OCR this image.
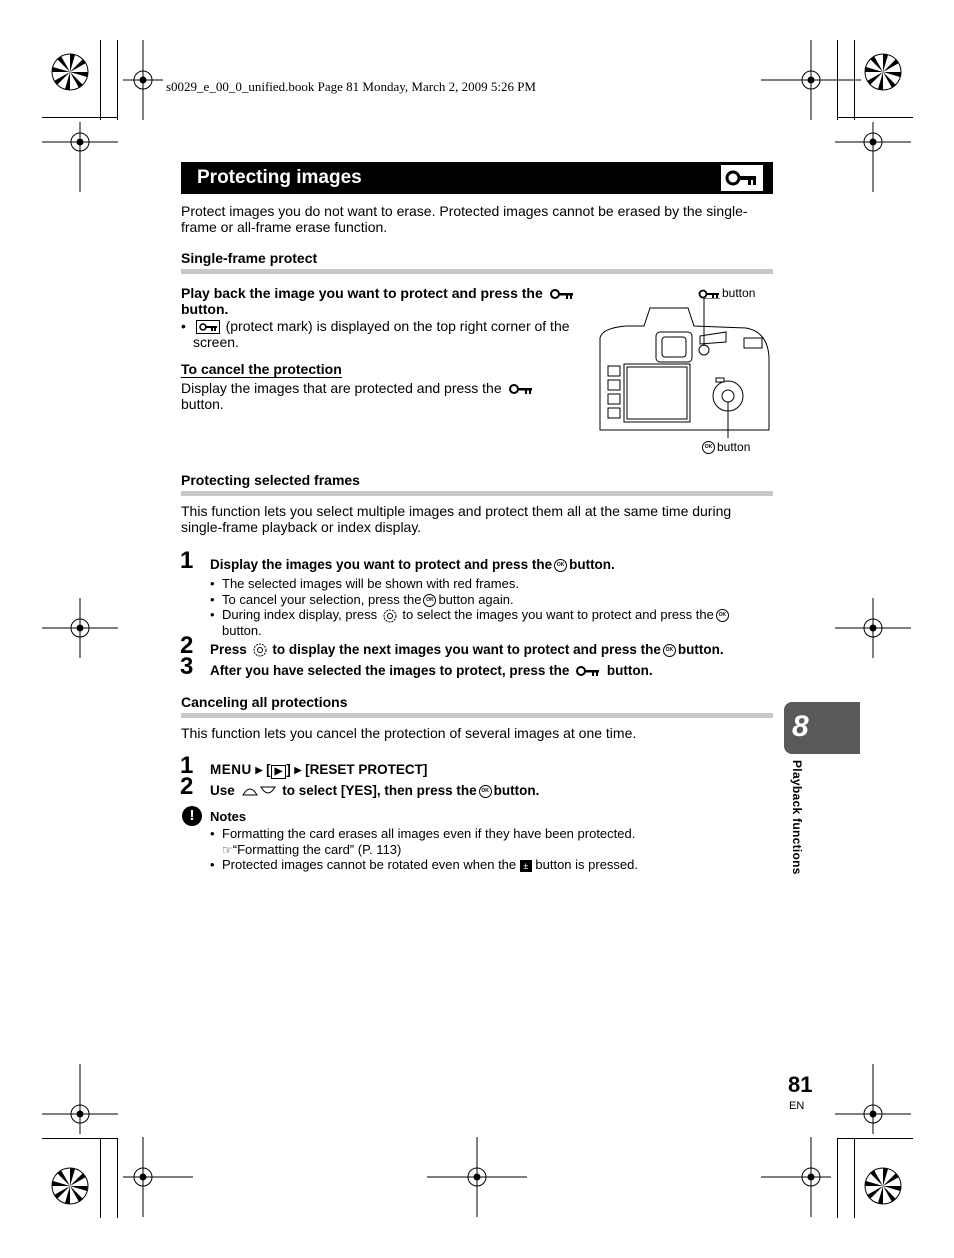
s0029_e_00_0_unified.book Page 81 Monday, March 2, 2009 5:26 PM
Protecting images
Protect images you do not want to erase. Protected images cannot be erased by the single-
frame or all-frame erase function.
Single-frame protect
Play back the image you want to protect and press the
button.
•   (protect mark) is displayed on the top right corner of the
screen.
To cancel the protection
Display the images that are protected and press the
button.
button
OK button
Protecting selected frames
This function lets you select multiple images and protect them all at the same time during
single-frame playback or index display.
1 Display the images you want to protect and press the OK button.
• The selected images will be shown with red frames.
• To cancel your selection, press the OK button again.
• During index display, press to select the images you want to protect and press the OK
button.
2 Press to display the next images you want to protect and press the OK button.
3 After you have selected the images to protect, press the	button.
Canceling all protections
This function lets you cancel the protection of several images at one time.
1 MENU ▸ [ ▶ ] ▸ [RESET PROTECT]
2 Use	to select [YES], then press the OK button.
!	Notes
• Formatting the card erases all images even if they have been protected.
☞“Formatting the card” (P. 113)
• Protected images cannot be rotated even when the ± button is pressed.
8
Playback functions
81
EN
